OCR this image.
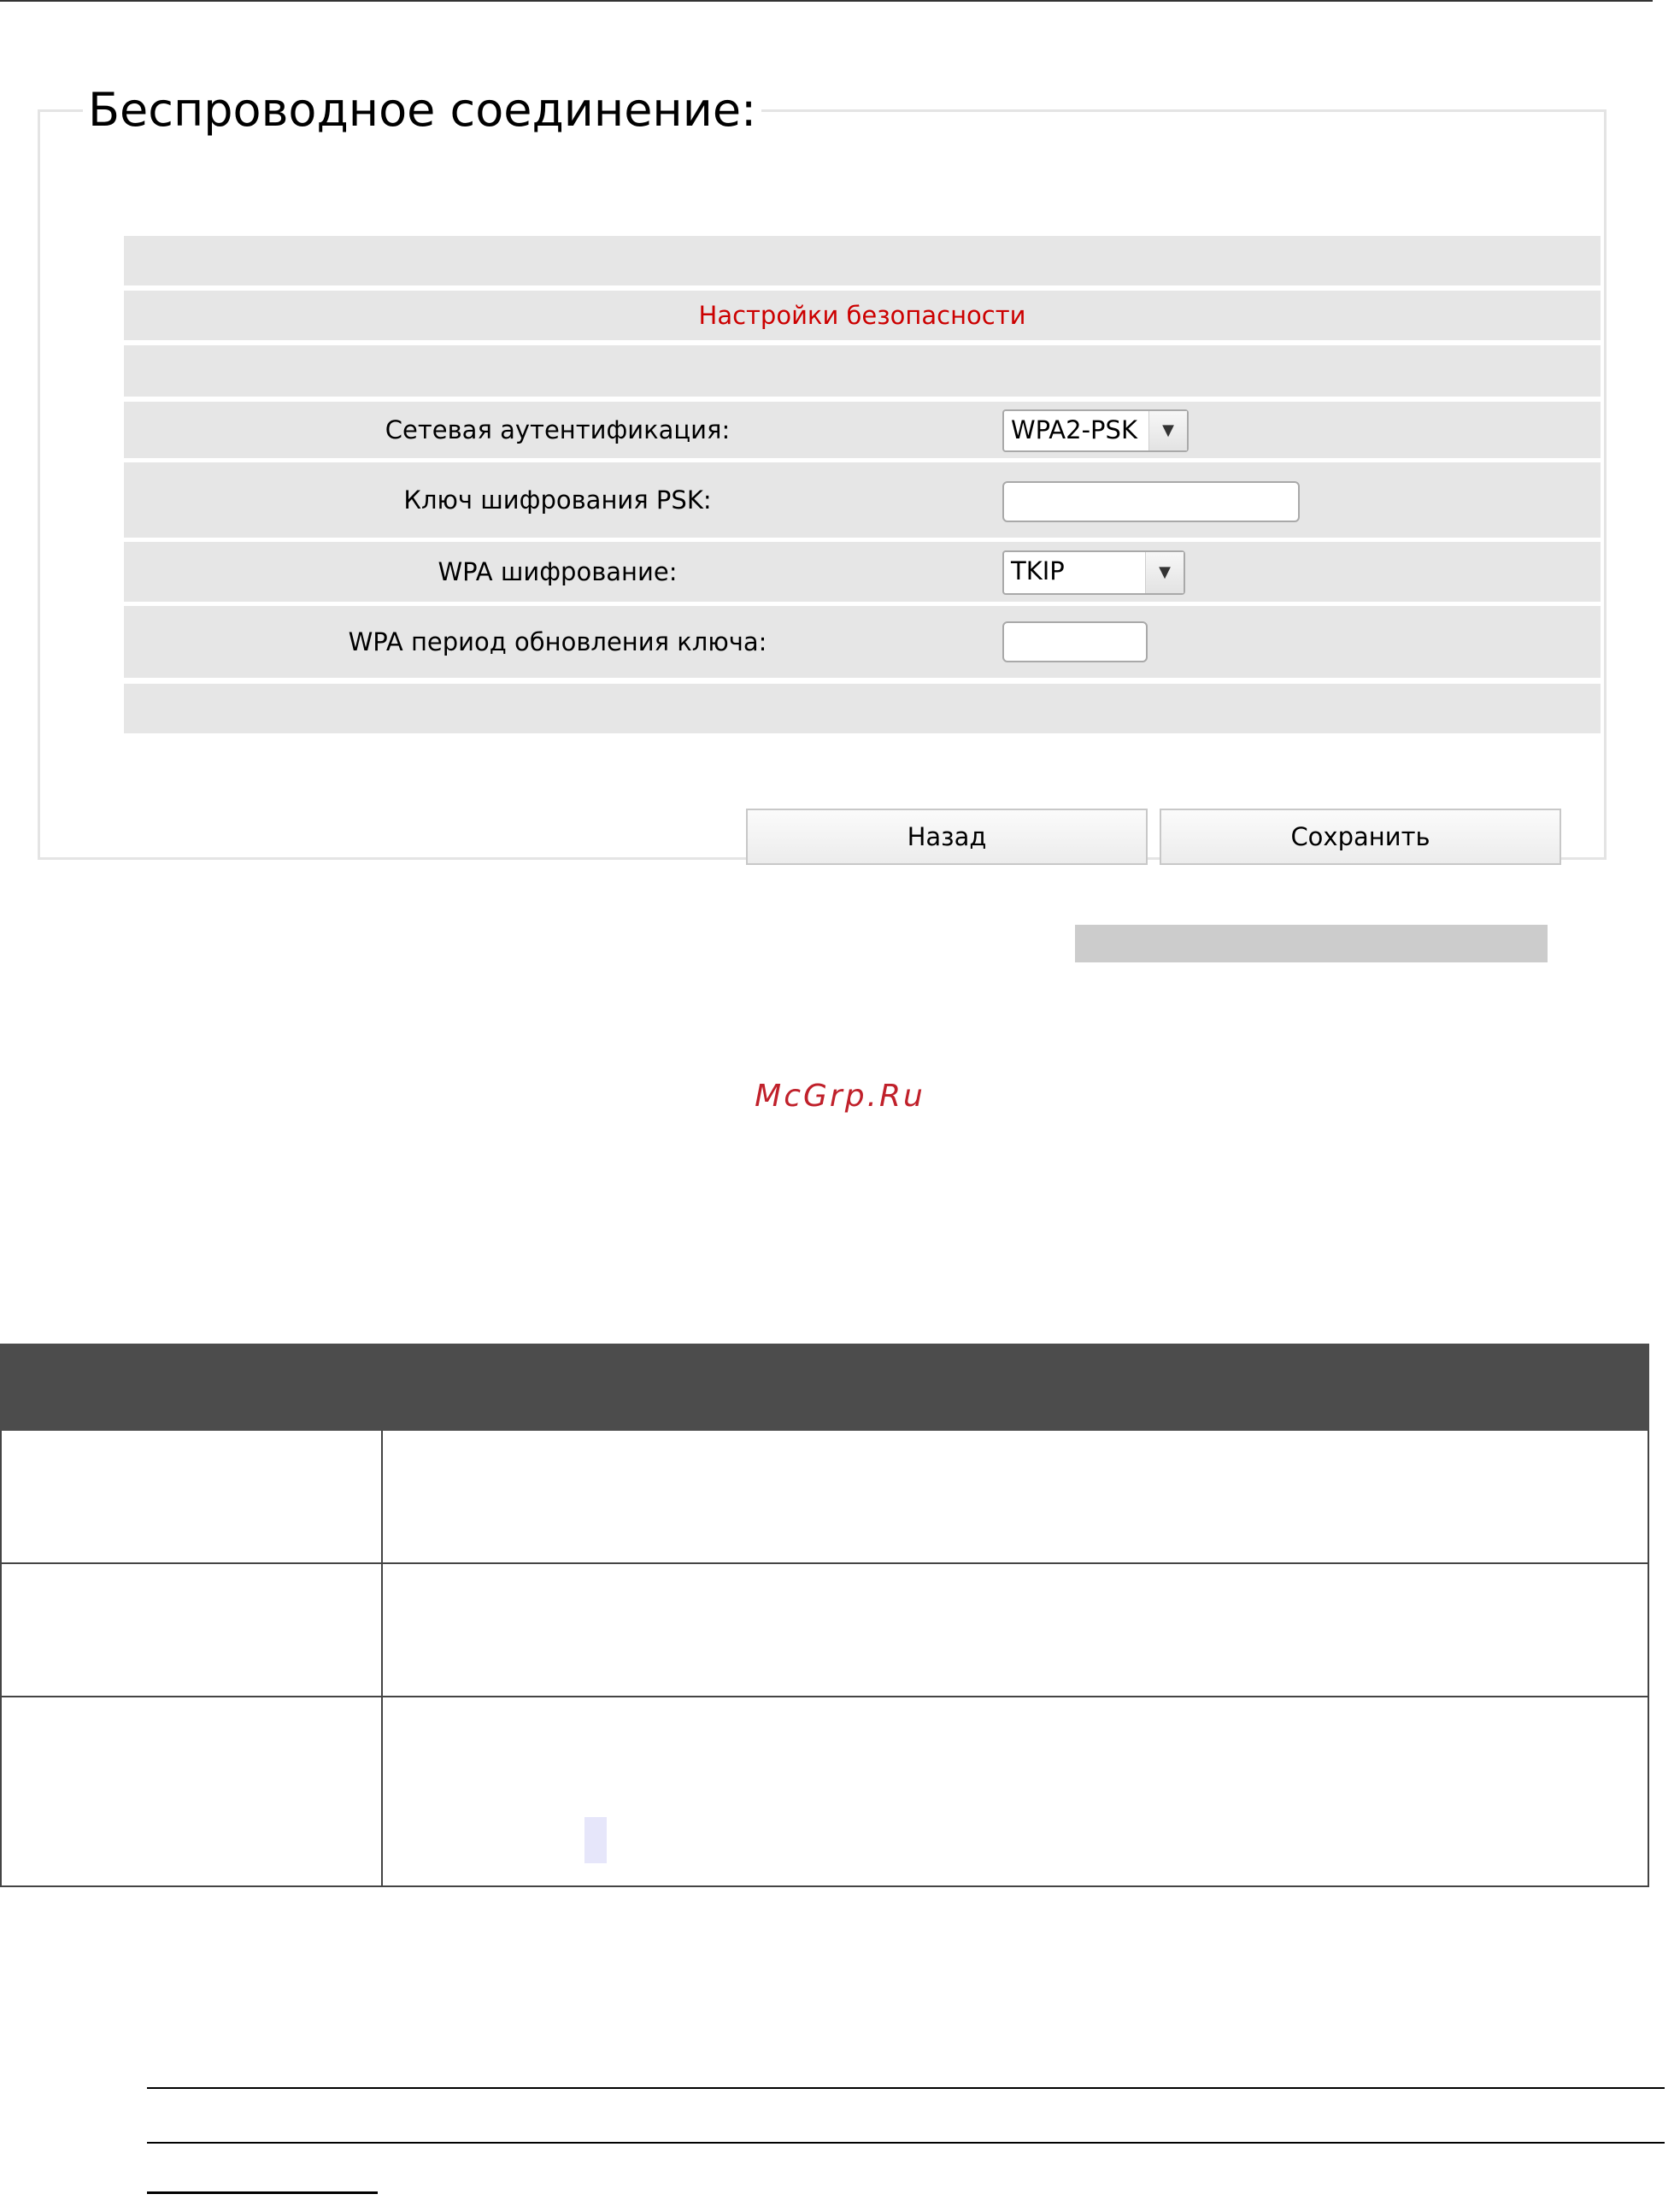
Беспроводное соединение:
Настройки безопасности
Сетевая аутентификация:	WPA2-PSK	▼
Ключ шифрования PSK:
WPA шифрование:	TKIP	▼
WPA период обновления ключа:
Назад	Сохранить
McGrp.Ru
